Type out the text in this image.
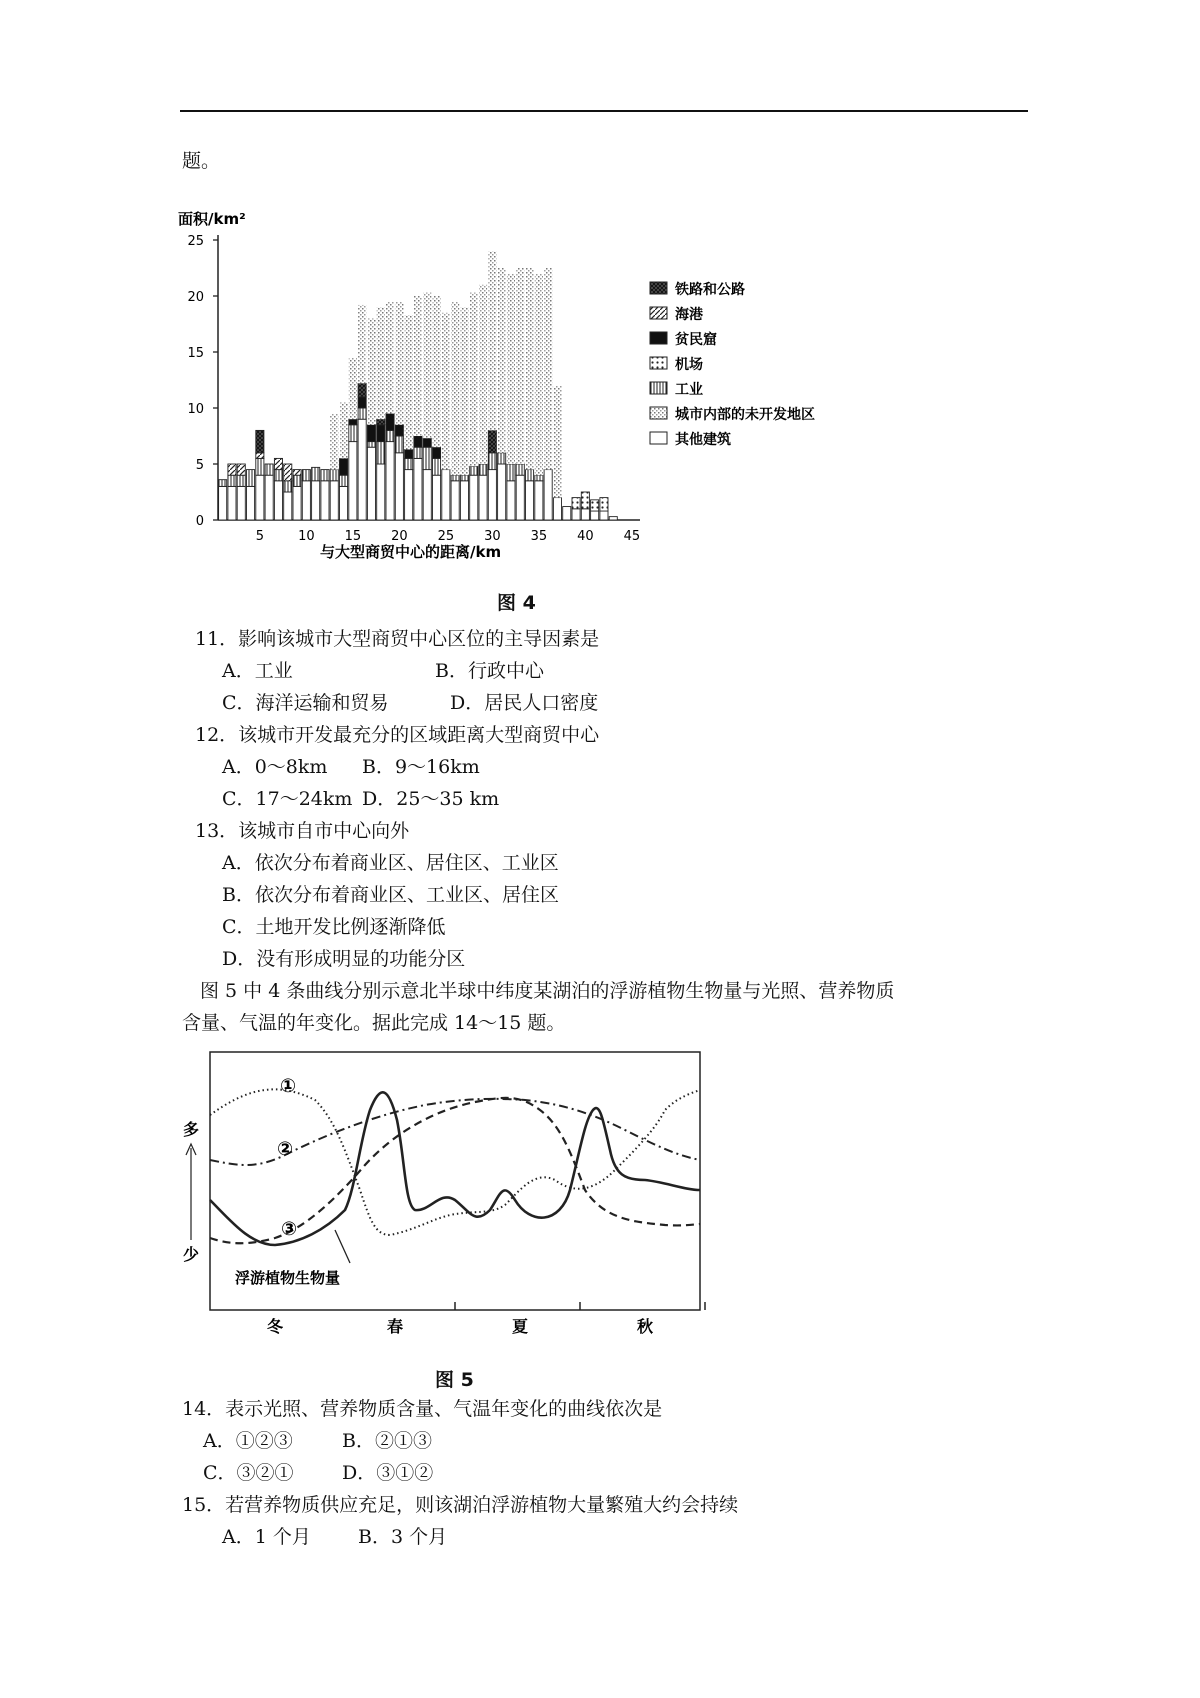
题。
面积/km²
0
5
10
15
20
25
5	10 15 20 25 30 35 40 45
与大型商贸中心的距离/km
铁路和公路
海港
贫民窟
机场
工业
城市内部的未开发地区
其他建筑
图 4
11．影响该城市大型商贸中心区位的主导因素是
A．工业	B．行政中心
C．海洋运输和贸易	D．居民人口密度
12．该城市开发最充分的区域距离大型商贸中心
A．0～8km B．9～16km
C．17～24km D．25～35 km
13．该城市自市中心向外
A．依次分布着商业区、居住区、工业区
B．依次分布着商业区、工业区、居住区
C．土地开发比例逐渐降低
D．没有形成明显的功能分区
图 5 中 4 条曲线分别示意北半球中纬度某湖泊的浮游植物生物量与光照、营养物质
含量、气温的年变化。据此完成 14～15 题。
多
少
冬	春	夏	秋
①
②
③
浮游植物生物量
图 5
14．表示光照、营养物质含量、气温年变化的曲线依次是
A．①②③	B．②①③
C．③②①	D．③①②
15．若营养物质供应充足，则该湖泊浮游植物大量繁殖大约会持续
A．1 个月 B．3 个月
